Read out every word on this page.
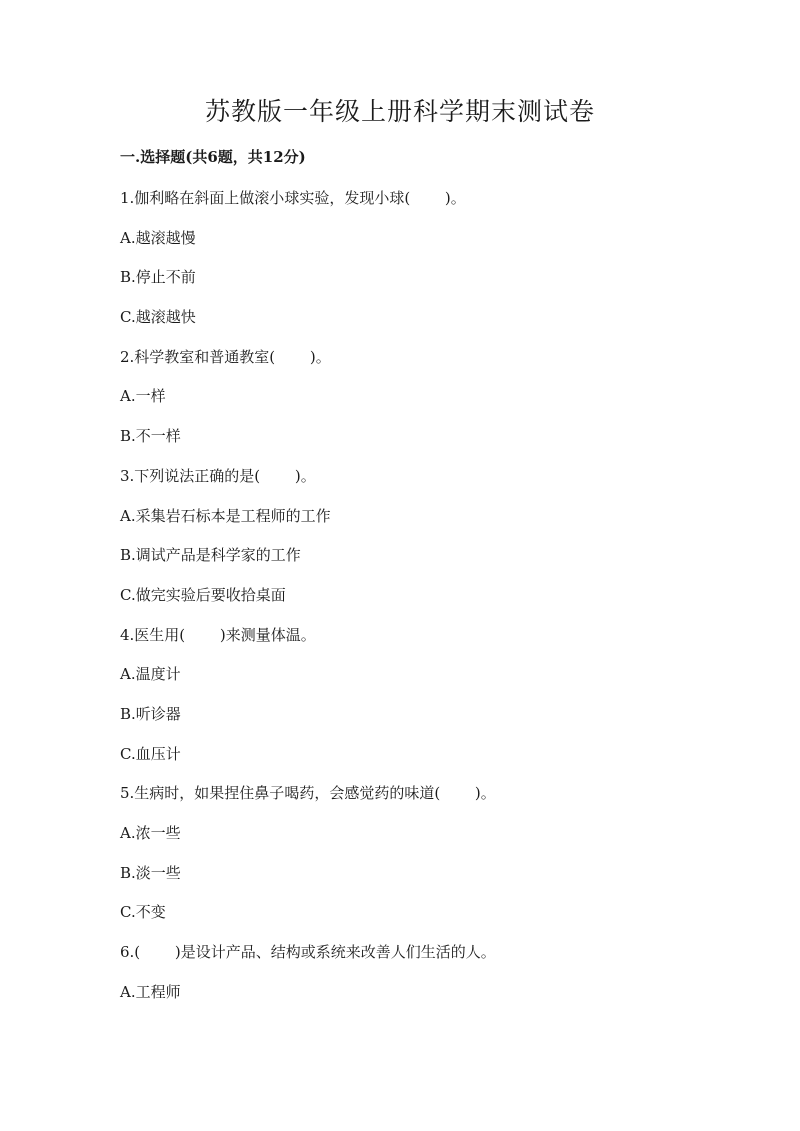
苏教版一年级上册科学期末测试卷

一.选择题(共6题，共12分)

1.伽利略在斜面上做滚小球实验，发现小球(　　 )。
A.越滚越慢
B.停止不前
C.越滚越快
2.科学教室和普通教室(　　 )。
A.一样
B.不一样
3.下列说法正确的是(　　 )。
A.采集岩石标本是工程师的工作
B.调试产品是科学家的工作
C.做完实验后要收拾桌面
4.医生用(　　 )来测量体温。
A.温度计
B.听诊器
C.血压计
5.生病时，如果捏住鼻子喝药，会感觉药的味道(　　 )。
A.浓一些
B.淡一些
C.不变
6.(　　 )是设计产品、结构或系统来改善人们生活的人。
A.工程师
